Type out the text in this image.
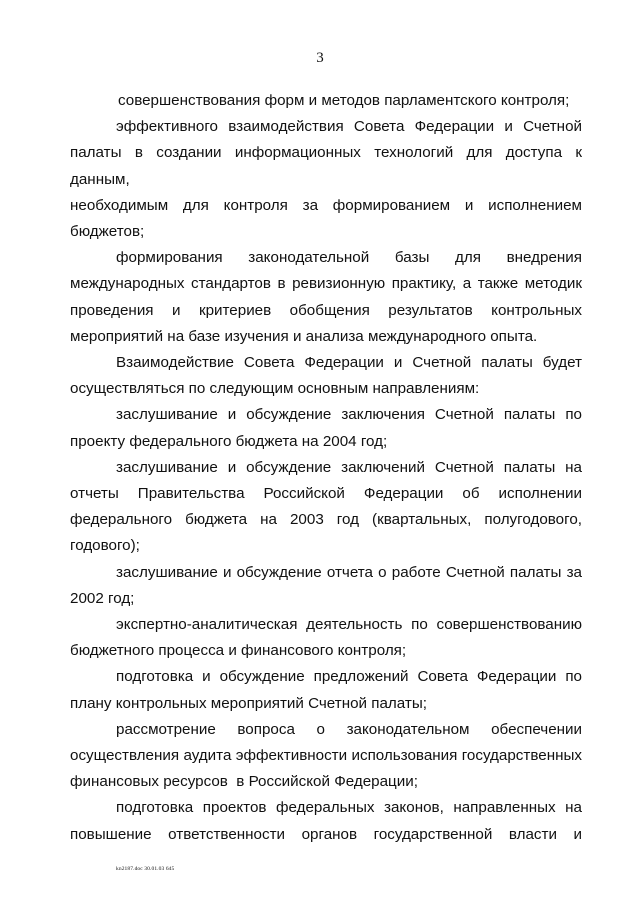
3
совершенствования форм и методов парламентского контроля;
эффективного взаимодействия Совета Федерации и Счетной
палаты в создании информационных технологий для доступа к данным,
необходимым для контроля за формированием и исполнением
бюджетов;
формирования законодательной базы для внедрения
международных стандартов в ревизионную практику, а также методик
проведения и критериев обобщения результатов контрольных
мероприятий на базе изучения и анализа международного опыта.
Взаимодействие Совета Федерации и Счетной палаты будет
осуществляться по следующим основным направлениям:
заслушивание и обсуждение заключения Счетной палаты по
проекту федерального бюджета на 2004 год;
заслушивание и обсуждение заключений Счетной палаты на
отчеты Правительства Российской Федерации об исполнении
федерального бюджета на 2003 год (квартальных, полугодового,
годового);
заслушивание и обсуждение отчета о работе Счетной палаты за
2002 год;
экспертно-аналитическая деятельность по совершенствованию
бюджетного процесса и финансового контроля;
подготовка и обсуждение предложений Совета Федерации по
плану контрольных мероприятий Счетной палаты;
рассмотрение вопроса о законодательном обеспечении
осуществления аудита эффективности использования государственных
финансовых ресурсов  в Российской Федерации;
подготовка проектов федеральных законов, направленных на
повышение ответственности органов государственной власти и
kn2187.doc 30.01.03 645
